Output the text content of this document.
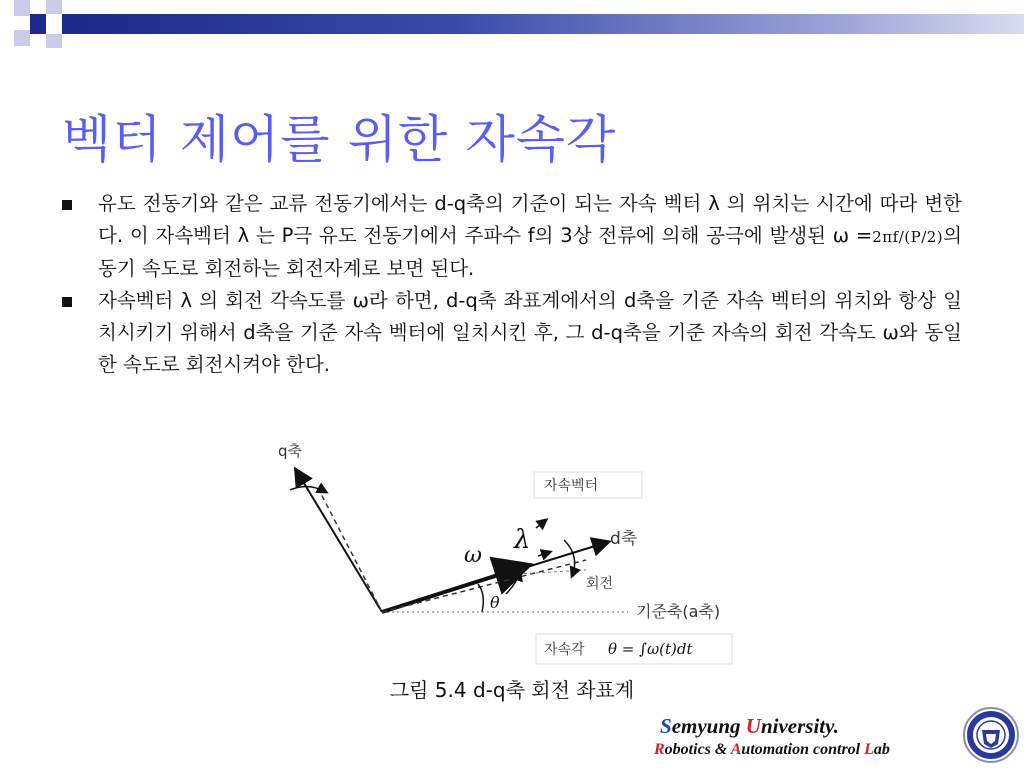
벡터 제어를 위한 자속각
유도 전동기와 같은 교류 전동기에서는 d-q축의 기준이 되는 자속 벡터 λ 의 위치는 시간에 따라 변한다. 이 자속벡터 λ 는 P극 유도 전동기에서 주파수 f의 3상 전류에 의해 공극에 발생된 ω =2πf/(P/2)의 동기 속도로 회전하는 회전자계로 보면 된다.
자속벡터 λ 의 회전 각속도를 ω라 하면, d-q축 좌표계에서의 d축을 기준 자속 벡터의 위치와 항상 일치시키기 위해서 d축을 기준 자속 벡터에 일치시킨 후, 그 d-q축을 기준 자속의 회전 각속도 ω와 동일한 속도로 회전시켜야 한다.
q축
자속벡터
d축
회전
기준축(a축)
ω
λ
θ
자속각 θ = ∫ω(t)dt
그림 5.4 d-q축 회전 좌표계
Semyung University.
Robotics & Automation control Lab
